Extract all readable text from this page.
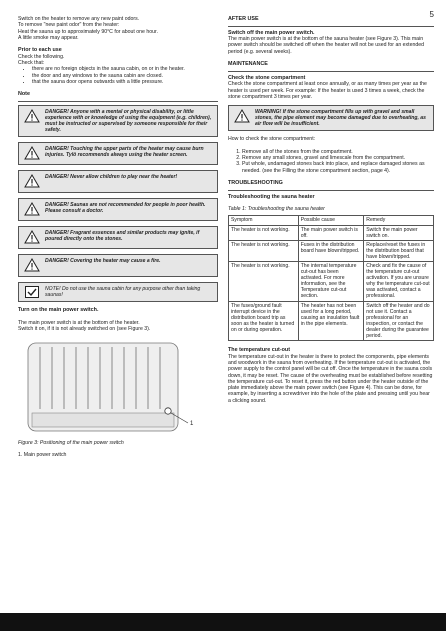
5

Switch on the heater to remove any new paint odors.

To remove "new paint odor" from the heater:

Heat the sauna up to approximately 90°C for about one hour.

A little smoke may appear.

Prior to each use

Check the following.

Check that:

• there are no foreign objects in the sauna cabin, on or in the heater.
• the door and any windows to the sauna cabin are closed.
• that the sauna door opens outwards with a little pressure.

Note

DANGER! Anyone with a mental or physical disability, or little experience with or knowledge of using the equipment (e.g. children), must be instructed or supervised by someone responsible for their safety.

DANGER! Touching the upper parts of the heater may cause burn injuries. Tylö recommends always using the heater screen.

DANGER! Never allow children to play near the heater!

DANGER! Saunas are not recommended for people in poor health. Please consult a doctor.

DANGER! Fragrant essences and similar products may ignite, if poured directly onto the stones.

DANGER! Covering the heater may cause a fire.

NOTE! Do not use the sauna cabin for any purpose other than taking saunas!

Turn on the main power switch.

The main power switch is at the bottom of the heater.

Switch it on, if it is not already switched on (see Figure 3).

1

Figure 3: Positioning of the main power switch

1. Main power switch

AFTER USE

Switch off the main power switch.

The main power switch is at the bottom of the sauna heater (see Figure 3). This main power switch should be switched off when the heater will not be used for an extended period (e.g. several weeks).

MAINTENANCE

Check the stone compartment

Check the stone compartment at least once annually, or as many times per year as the heater is used per week. For example: If the heater is used 3 times a week, check the stone compartment 3 times per year.

WARNING! If the stone compartment fills up with gravel and small stones, the pipe element may become damaged due to overheating, as air flow will be insufficient.

How to check the stone compartment:

1. Remove all of the stones from the compartment.
2. Remove any small stones, gravel and limescale from the compartment.
3. Put whole, undamaged stones back into place, and replace damaged stones as needed. (see the Filling the stone compartment section, page 4).

TROUBLESHOOTING

Troubleshooting the sauna heater

Table 1: Troubleshooting the sauna heater

Symptom	Possible cause	Remedy
The heater is not working.	The main power switch is off.	Switch the main power switch on.
The heater is not working.	Fuses in the distribution board have blown/tripped.	Replace/reset the fuses in the distribution board that have blown/tripped.
The heater is not working.	The internal temperature cut-out has been activated. For more information, see the Temperature cut-out section.	Check and fix the cause of the temperature cut-out activation. If you are unsure why the temperature cut-out was activated, contact a professional.
The fuses/ground fault interrupt device in the distribution board trip as soon as the heater is turned on or during operation.	The heater has not been used for a long period, causing an insulation fault in the pipe elements.	Switch off the heater and do not use it. Contact a professional for an inspection, or contact the dealer during the guarantee period.

The temperature cut-out

The temperature cut-out in the heater is there to protect the components, pipe elements and woodwork in the sauna from overheating. If the temperature cut-out is activated, the power supply to the control panel will be cut off. Once the temperature in the sauna cools down, it may be reset. The cause of the overheating must be established before resetting the temperature cut-out. To reset it, press the red button under the heater outside of the plate immediately above the main power switch (see Figure 4). This can be done, for example, by inserting a screwdriver into the hole of the plate and pressing until you hear a clicking sound.
